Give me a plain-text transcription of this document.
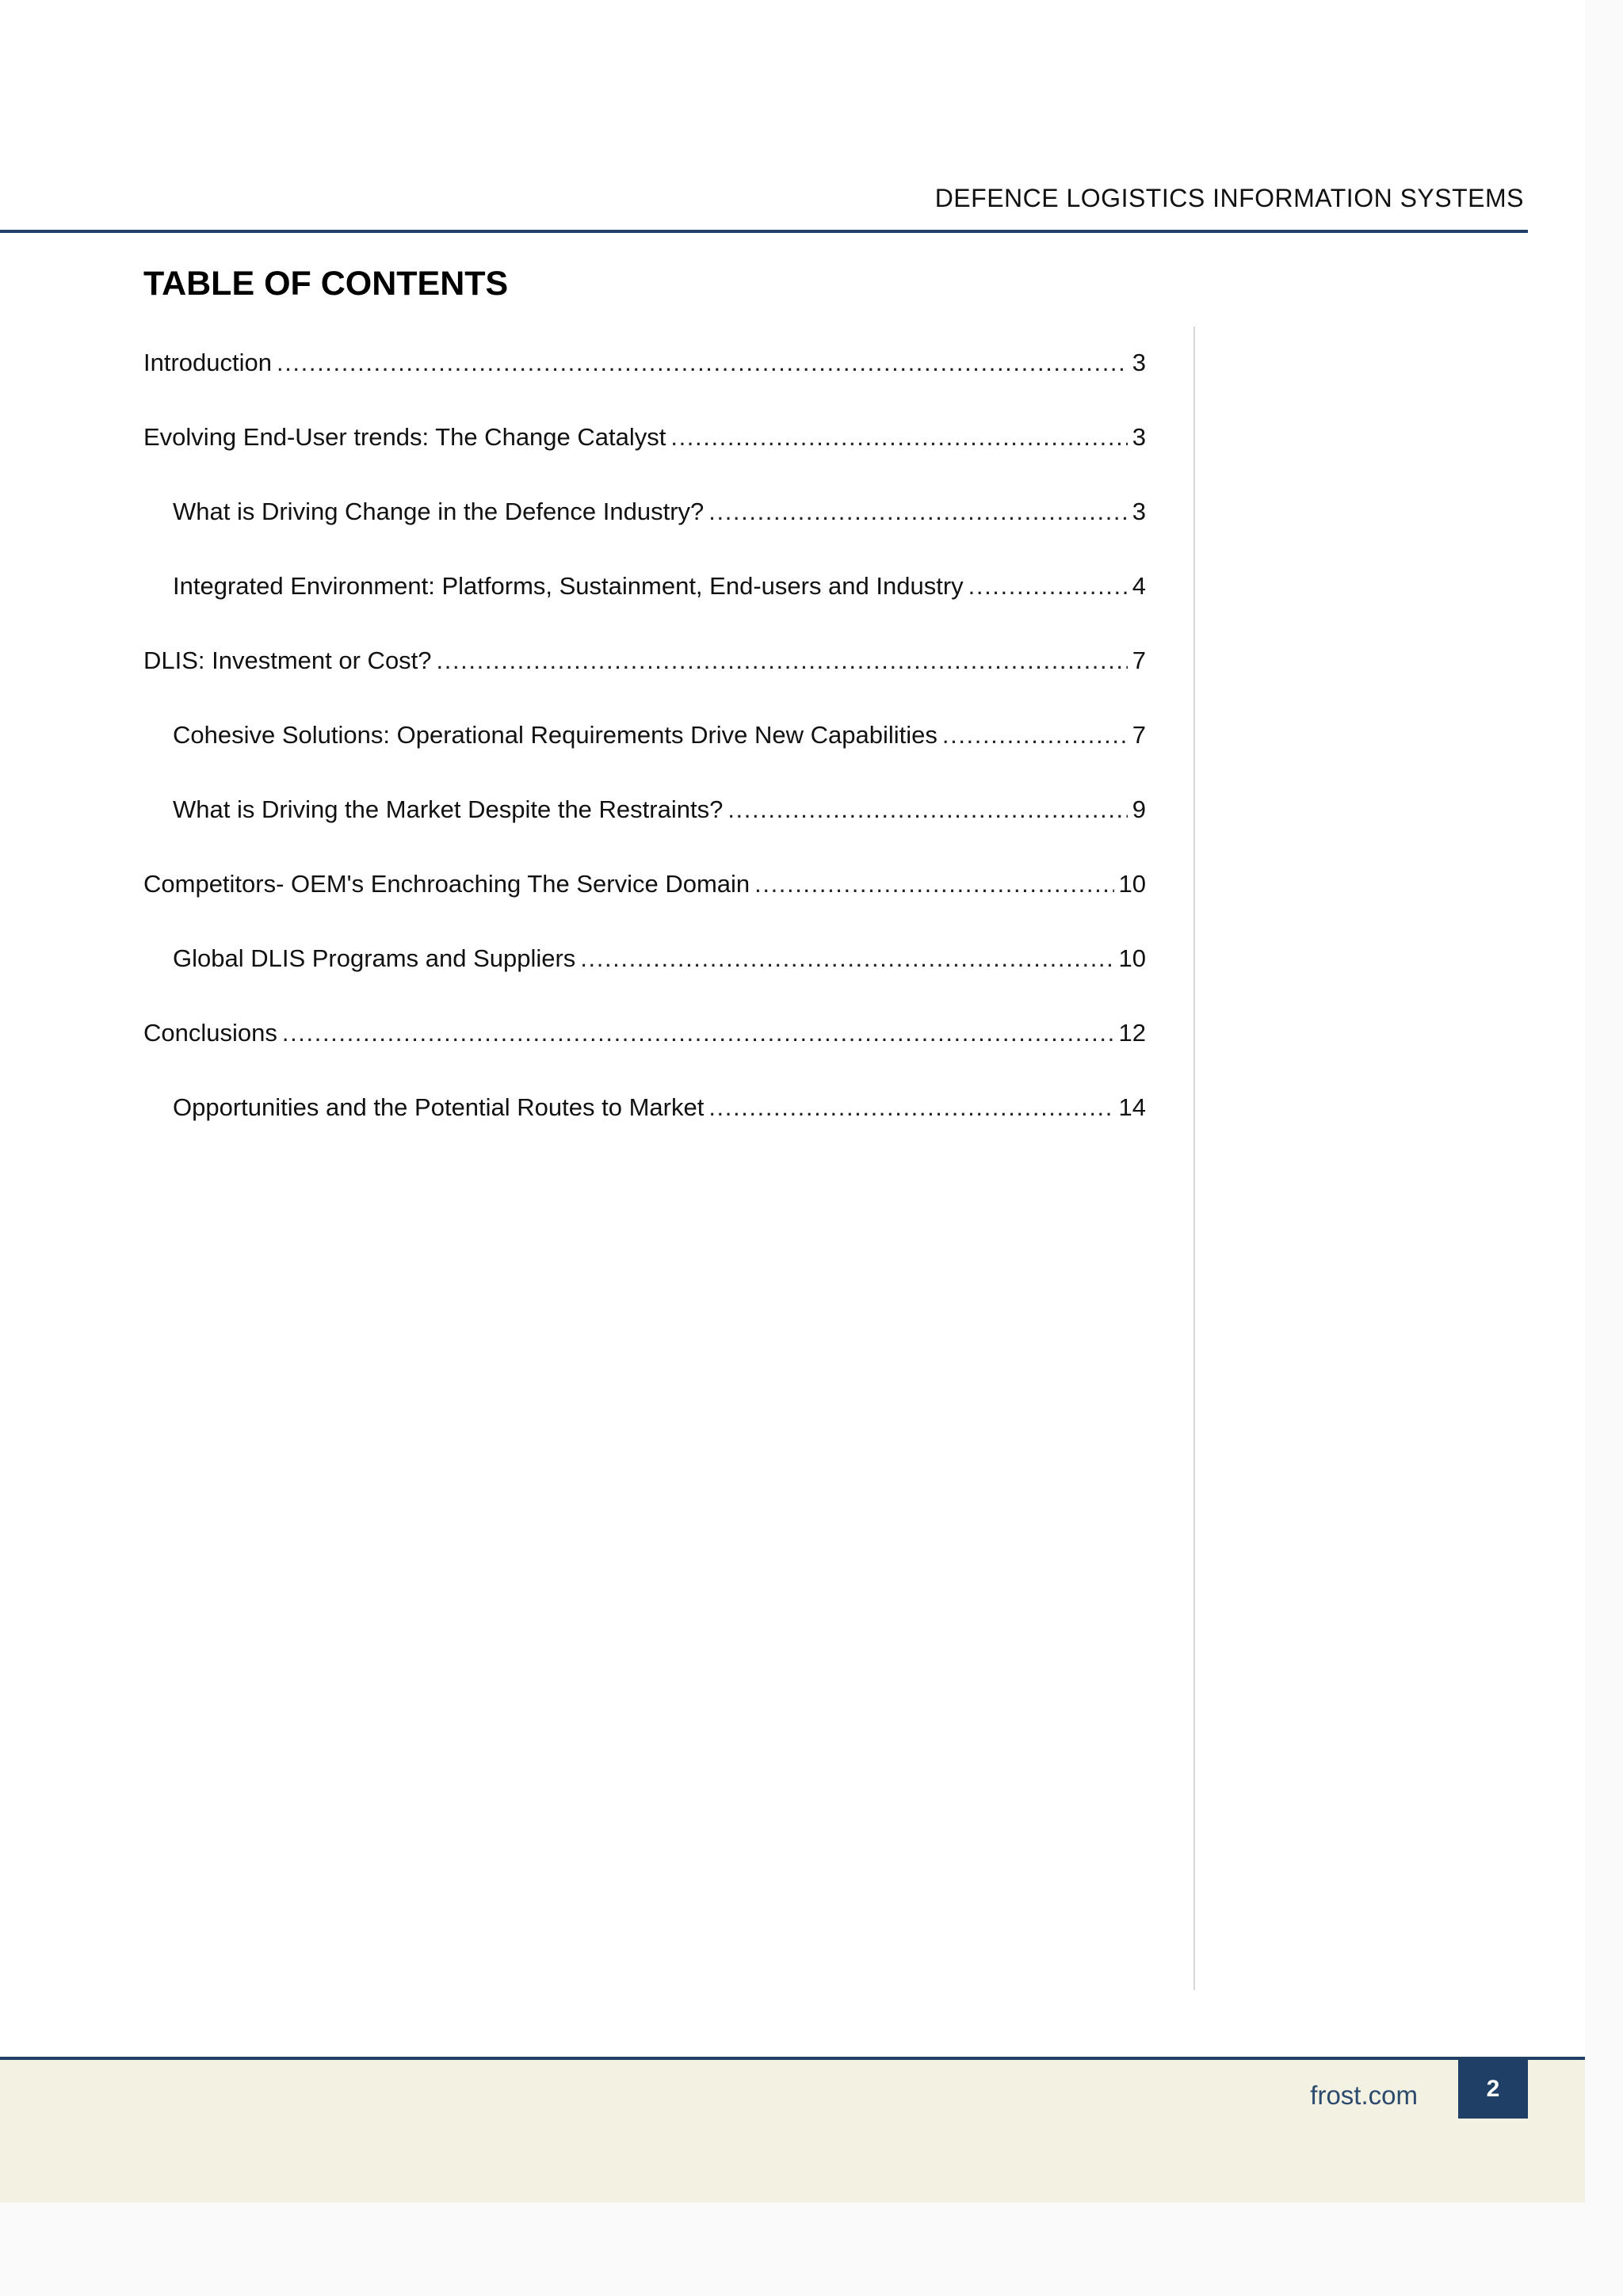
DEFENCE LOGISTICS INFORMATION SYSTEMS
TABLE OF CONTENTS
Introduction .....	3
Evolving End-User trends: The Change Catalyst .....	3
What is Driving Change in the Defence Industry? .....	3
Integrated Environment: Platforms, Sustainment, End-users and Industry .....	4
DLIS: Investment or Cost? .....	7
Cohesive Solutions: Operational Requirements Drive New Capabilities .....	7
What is Driving the Market Despite the Restraints? .....	9
Competitors- OEM's Enchroaching The Service Domain .....	10
Global DLIS Programs and Suppliers .....	10
Conclusions .....	12
Opportunities and the Potential Routes to Market .....	14
frost.com	2
